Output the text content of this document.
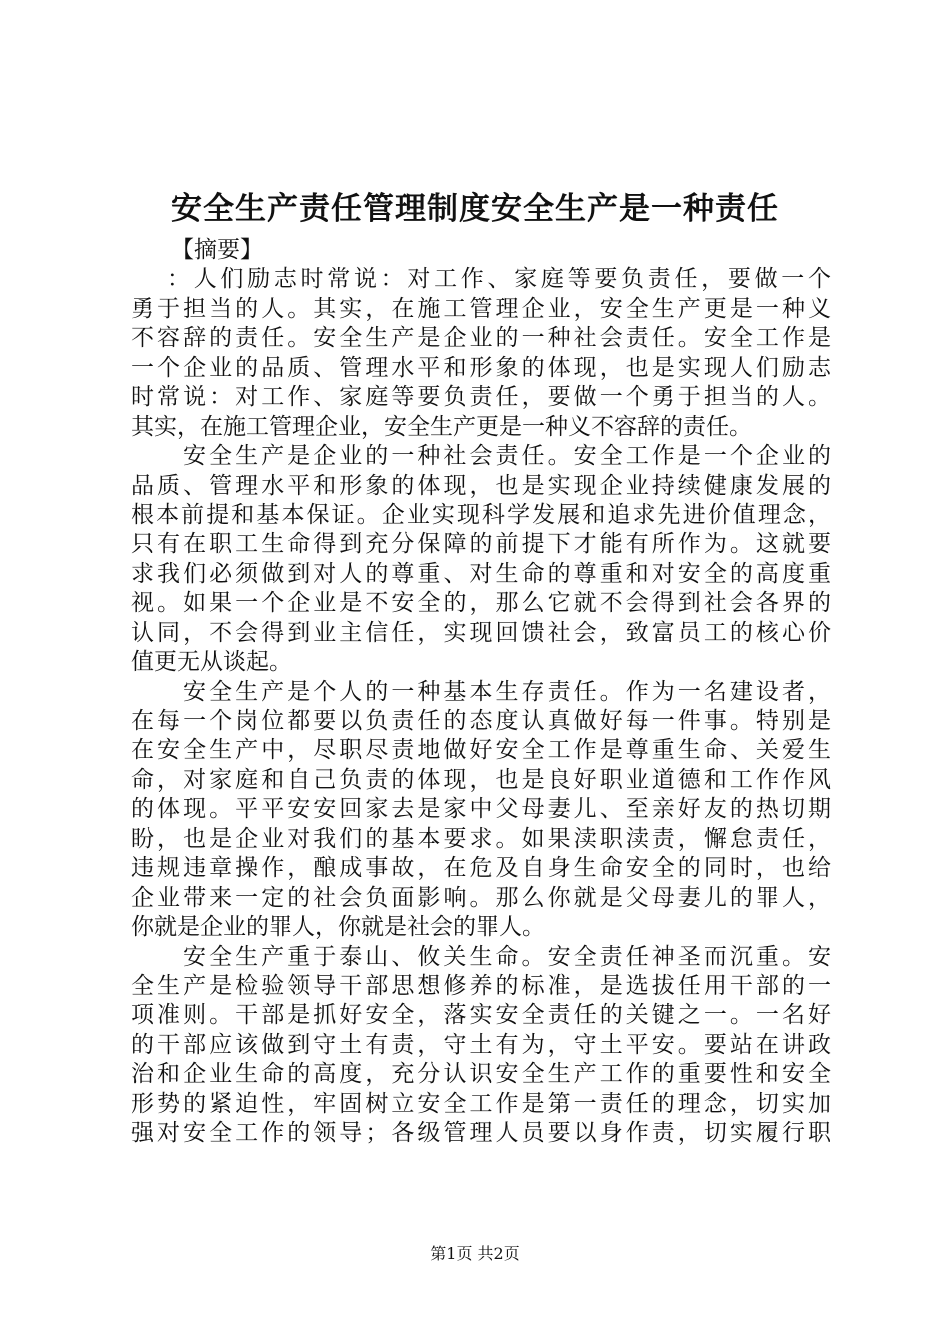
安全生产责任管理制度安全生产是一种责任
【摘要】
：人们励志时常说：对工作、家庭等要负责任，要做一个
勇于担当的人。其实，在施工管理企业，安全生产更是一种义
不容辞的责任。安全生产是企业的一种社会责任。安全工作是
一个企业的品质、管理水平和形象的体现，也是实现人们励志
时常说：对工作、家庭等要负责任，要做一个勇于担当的人。
其实，在施工管理企业，安全生产更是一种义不容辞的责任。
安全生产是企业的一种社会责任。安全工作是一个企业的
品质、管理水平和形象的体现，也是实现企业持续健康发展的
根本前提和基本保证。企业实现科学发展和追求先进价值理念，
只有在职工生命得到充分保障的前提下才能有所作为。这就要
求我们必须做到对人的尊重、对生命的尊重和对安全的高度重
视。如果一个企业是不安全的，那么它就不会得到社会各界的
认同，不会得到业主信任，实现回馈社会，致富员工的核心价
值更无从谈起。
安全生产是个人的一种基本生存责任。作为一名建设者，
在每一个岗位都要以负责任的态度认真做好每一件事。特别是
在安全生产中，尽职尽责地做好安全工作是尊重生命、关爱生
命，对家庭和自己负责的体现，也是良好职业道德和工作作风
的体现。平平安安回家去是家中父母妻儿、至亲好友的热切期
盼，也是企业对我们的基本要求。如果渎职渎责，懈怠责任，
违规违章操作，酿成事故，在危及自身生命安全的同时，也给
企业带来一定的社会负面影响。那么你就是父母妻儿的罪人，
你就是企业的罪人，你就是社会的罪人。
安全生产重于泰山、攸关生命。安全责任神圣而沉重。安
全生产是检验领导干部思想修养的标准，是选拔任用干部的一
项准则。干部是抓好安全，落实安全责任的关键之一。一名好
的干部应该做到守土有责，守土有为，守土平安。要站在讲政
治和企业生命的高度，充分认识安全生产工作的重要性和安全
形势的紧迫性，牢固树立安全工作是第一责任的理念，切实加
强对安全工作的领导；各级管理人员要以身作责，切实履行职
第1页 共2页
